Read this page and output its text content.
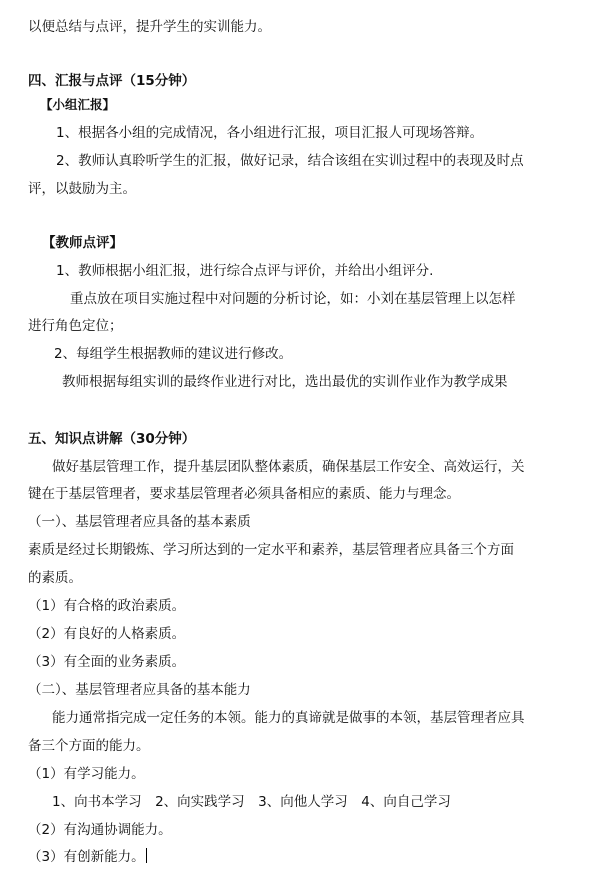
以便总结与点评，提升学生的实训能力。
四、汇报与点评（15分钟）
【小组汇报】
1、根据各小组的完成情况，各小组进行汇报，项目汇报人可现场答辩。
2、教师认真聆听学生的汇报，做好记录，结合该组在实训过程中的表现及时点
评，以鼓励为主。
【教师点评】
1、教师根据小组汇报，进行综合点评与评价，并给出小组评分.
重点放在项目实施过程中对问题的分析讨论，如：小刘在基层管理上以怎样
进行角色定位；
2、每组学生根据教师的建议进行修改。
教师根据每组实训的最终作业进行对比，选出最优的实训作业作为教学成果
五、知识点讲解（30分钟）
做好基层管理工作，提升基层团队整体素质，确保基层工作安全、高效运行，关
键在于基层管理者，要求基层管理者必须具备相应的素质、能力与理念。
（一）、基层管理者应具备的基本素质
素质是经过长期锻炼、学习所达到的一定水平和素养，基层管理者应具备三个方面
的素质。
（1）有合格的政治素质。
（2）有良好的人格素质。
（3）有全面的业务素质。
（二）、基层管理者应具备的基本能力
能力通常指完成一定任务的本领。能力的真谛就是做事的本领，基层管理者应具
备三个方面的能力。
（1）有学习能力。
1、向书本学习　2、向实践学习　3、向他人学习　4、向自己学习
（2）有沟通协调能力。
（3）有创新能力。
